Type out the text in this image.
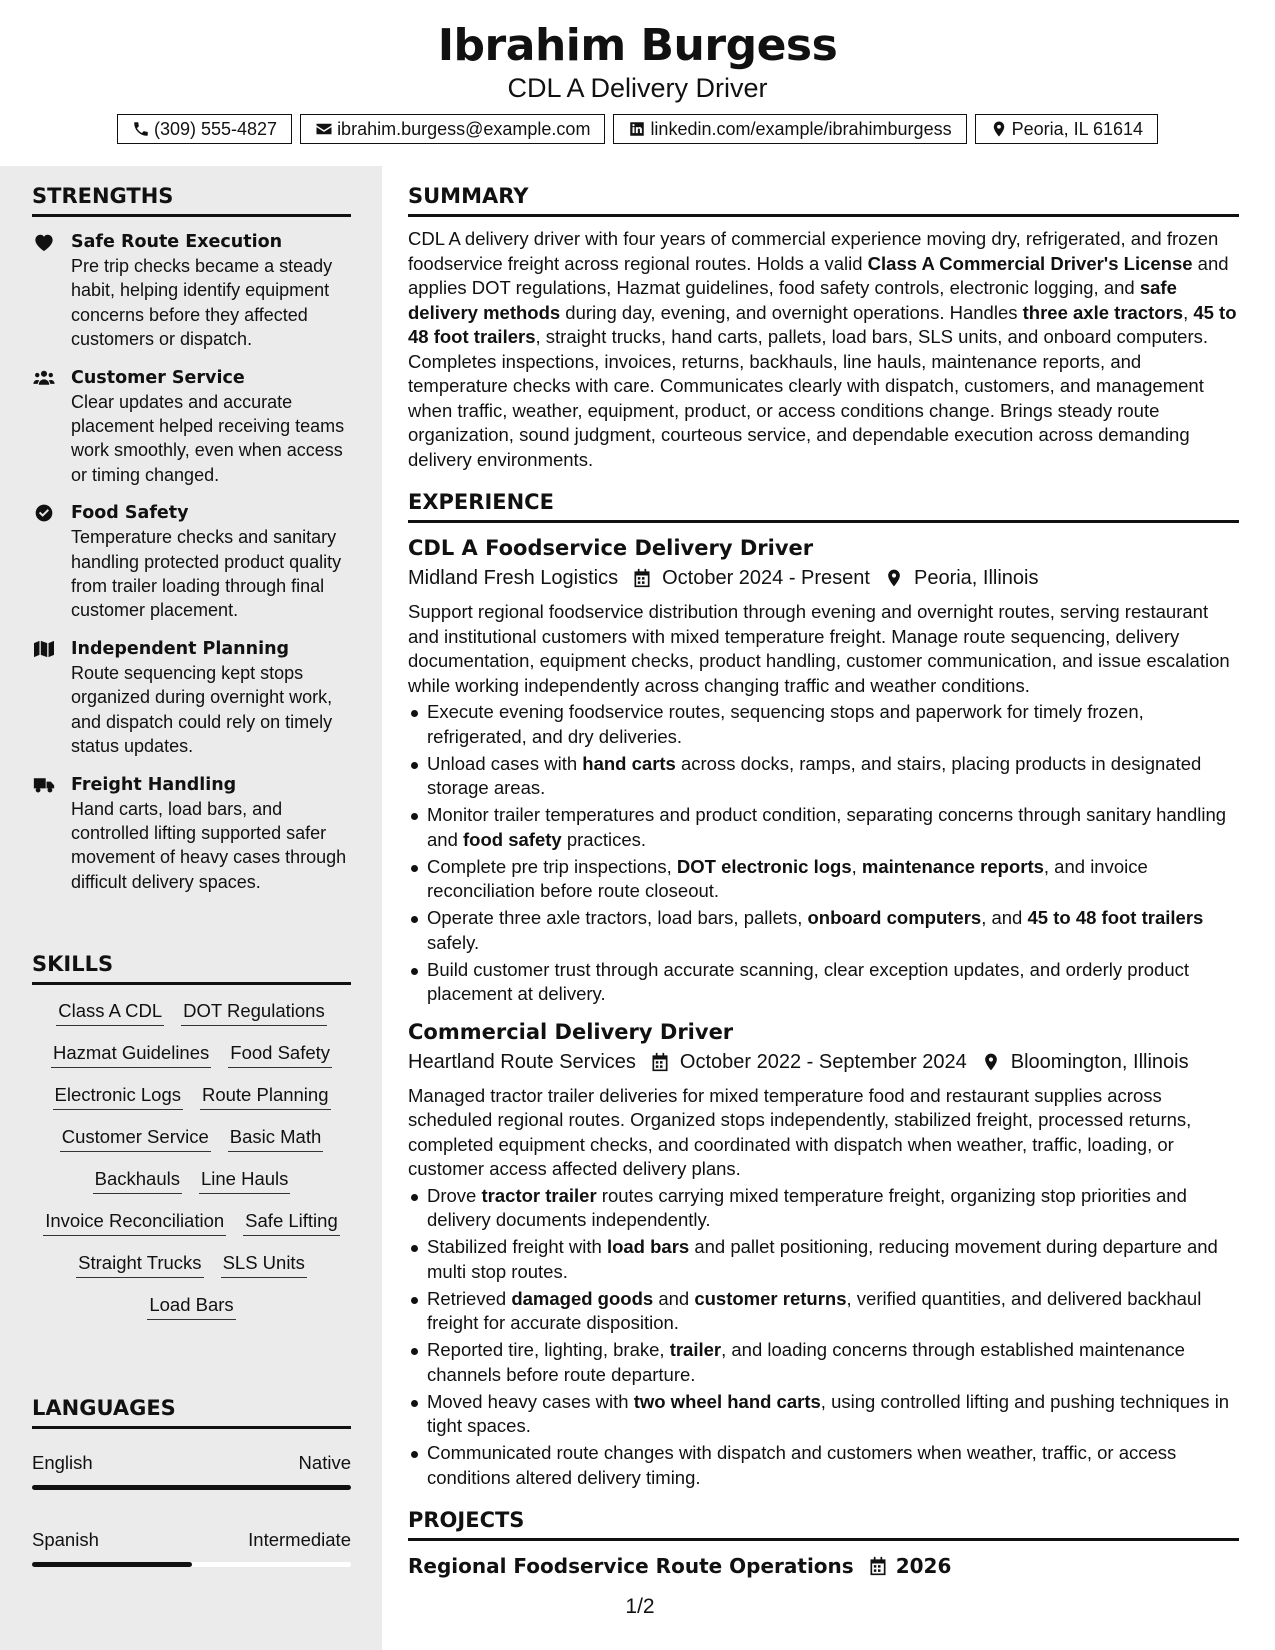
Ibrahim Burgess
CDL A Delivery Driver
(309) 555-4827	ibrahim.burgess@example.com	linkedin.com/example/ibrahimburgess	Peoria, IL 61614
STRENGTHS
Safe Route Execution
Pre trip checks became a steady habit, helping identify equipment concerns before they affected customers or dispatch.
Customer Service
Clear updates and accurate placement helped receiving teams work smoothly, even when access or timing changed.
Food Safety
Temperature checks and sanitary handling protected product quality from trailer loading through final customer placement.
Independent Planning
Route sequencing kept stops organized during overnight work, and dispatch could rely on timely status updates.
Freight Handling
Hand carts, load bars, and controlled lifting supported safer movement of heavy cases through difficult delivery spaces.
SKILLS
Class A CDL DOT Regulations
Hazmat Guidelines Food Safety
Electronic Logs Route Planning
Customer Service Basic Math
Backhauls Line Hauls
Invoice Reconciliation Safe Lifting
Straight Trucks SLS Units
Load Bars
LANGUAGES
English	Native
Spanish	Intermediate
SUMMARY
CDL A delivery driver with four years of commercial experience moving dry, refrigerated, and frozen foodservice freight across regional routes. Holds a valid Class A Commercial Driver's License and applies DOT regulations, Hazmat guidelines, food safety controls, electronic logging, and safe delivery methods during day, evening, and overnight operations. Handles three axle tractors, 45 to 48 foot trailers, straight trucks, hand carts, pallets, load bars, SLS units, and onboard computers. Completes inspections, invoices, returns, backhauls, line hauls, maintenance reports, and temperature checks with care. Communicates clearly with dispatch, customers, and management when traffic, weather, equipment, product, or access conditions change. Brings steady route organization, sound judgment, courteous service, and dependable execution across demanding delivery environments.
EXPERIENCE
CDL A Foodservice Delivery Driver
Midland Fresh Logistics October 2024 - Present Peoria, Illinois
Support regional foodservice distribution through evening and overnight routes, serving restaurant and institutional customers with mixed temperature freight. Manage route sequencing, delivery documentation, equipment checks, product handling, customer communication, and issue escalation while working independently across changing traffic and weather conditions.
Execute evening foodservice routes, sequencing stops and paperwork for timely frozen, refrigerated, and dry deliveries.
Unload cases with hand carts across docks, ramps, and stairs, placing products in designated storage areas.
Monitor trailer temperatures and product condition, separating concerns through sanitary handling and food safety practices.
Complete pre trip inspections, DOT electronic logs, maintenance reports, and invoice reconciliation before route closeout.
Operate three axle tractors, load bars, pallets, onboard computers, and 45 to 48 foot trailers safely.
Build customer trust through accurate scanning, clear exception updates, and orderly product placement at delivery.
Commercial Delivery Driver
Heartland Route Services October 2022 - September 2024 Bloomington, Illinois
Managed tractor trailer deliveries for mixed temperature food and restaurant supplies across scheduled regional routes. Organized stops independently, stabilized freight, processed returns, completed equipment checks, and coordinated with dispatch when weather, traffic, loading, or customer access affected delivery plans.
Drove tractor trailer routes carrying mixed temperature freight, organizing stop priorities and delivery documents independently.
Stabilized freight with load bars and pallet positioning, reducing movement during departure and multi stop routes.
Retrieved damaged goods and customer returns, verified quantities, and delivered backhaul freight for accurate disposition.
Reported tire, lighting, brake, trailer, and loading concerns through established maintenance channels before route departure.
Moved heavy cases with two wheel hand carts, using controlled lifting and pushing techniques in tight spaces.
Communicated route changes with dispatch and customers when weather, traffic, or access conditions altered delivery timing.
PROJECTS
Regional Foodservice Route Operations 2026
1/2
